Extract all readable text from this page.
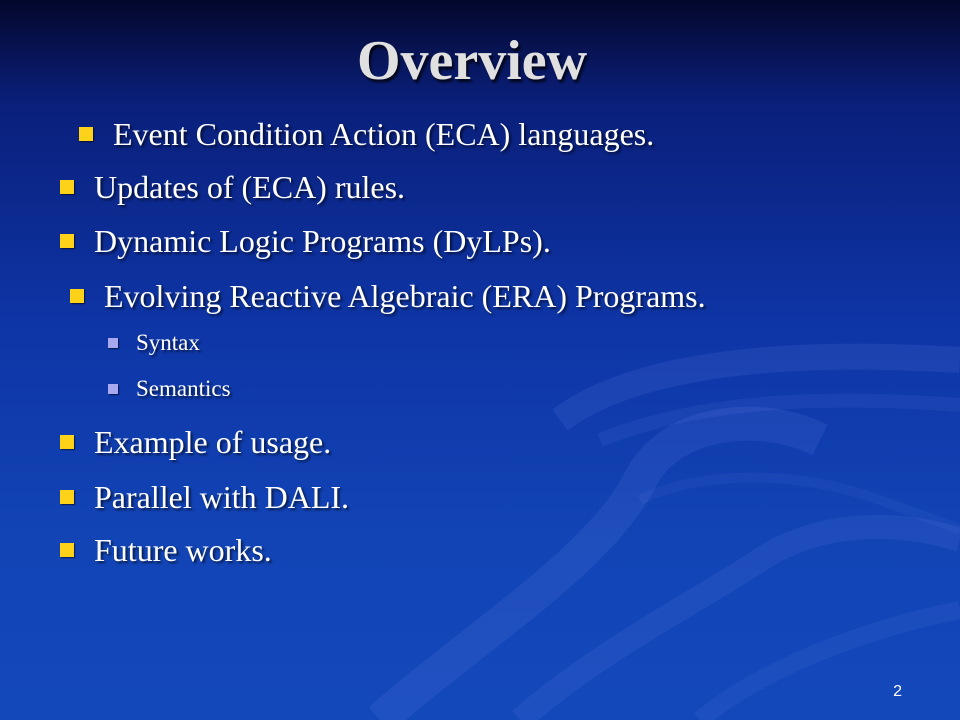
Overview
Event Condition Action (ECA) languages.
Updates of (ECA) rules.
Dynamic Logic Programs (DyLPs).
Evolving Reactive Algebraic (ERA) Programs.
Syntax
Semantics
Example of usage.
Parallel with DALI.
Future works.
2
